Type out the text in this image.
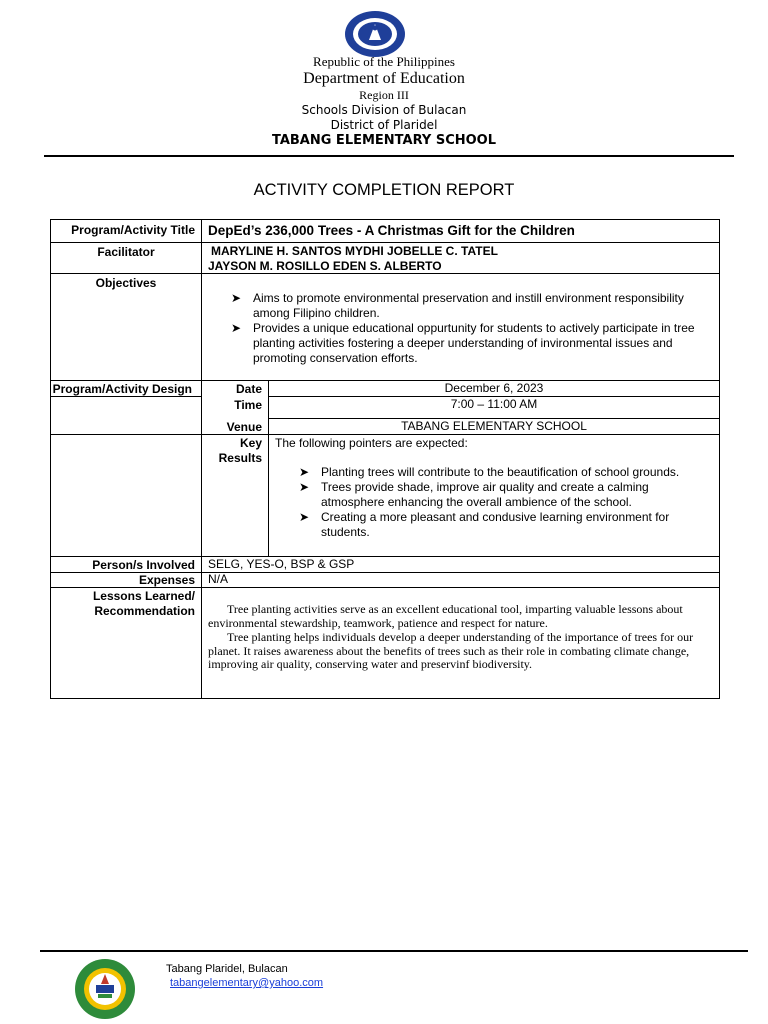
Republic of the Philippines
Department of Education
Region III
Schools Division of Bulacan
District of Plaridel
TABANG ELEMENTARY SCHOOL
ACTIVITY COMPLETION REPORT
Program/Activity Title DepEd’s 236,000 Trees - A Christmas Gift for the Children
Facilitator	MARYLINE H. SANTOS MYDHI JOBELLE C. TATEL
JAYSON M. ROSILLO EDEN S. ALBERTO
Objectives
➤ Aims to promote environmental preservation and instill environment responsibility among Filipino children.
➤ Provides a unique educational oppurtunity for students to actively participate in tree planting activities fostering a deeper understanding of invironmental issues and promoting conservation efforts.
Program/Activity Design	Date	December 6, 2023
Time	7:00 – 11:00 AM
Venue	TABANG ELEMENTARY SCHOOL
Key
Results
The following pointers are expected:
➤ Planting trees will contribute to the beautification of school grounds.
➤ Trees provide shade, improve air quality and create a calming atmosphere enhancing the overall ambience of the school.
➤ Creating a more pleasant and condusive learning environment for students.
Person/s Involved SELG, YES-O, BSP & GSP
Expenses N/A
Lessons Learned/
Recommendation	Tree planting activities serve as an excellent educational tool, imparting valuable lessons about environmental stewardship, teamwork, patience and respect for nature.
Tree planting helps individuals develop a deeper understanding of the importance of trees for our planet. It raises awareness about the benefits of trees such as their role in combating climate change, improving air quality, conserving water and preservinf biodiversity.
Tabang Plaridel, Bulacan
tabangelementary@yahoo.com
